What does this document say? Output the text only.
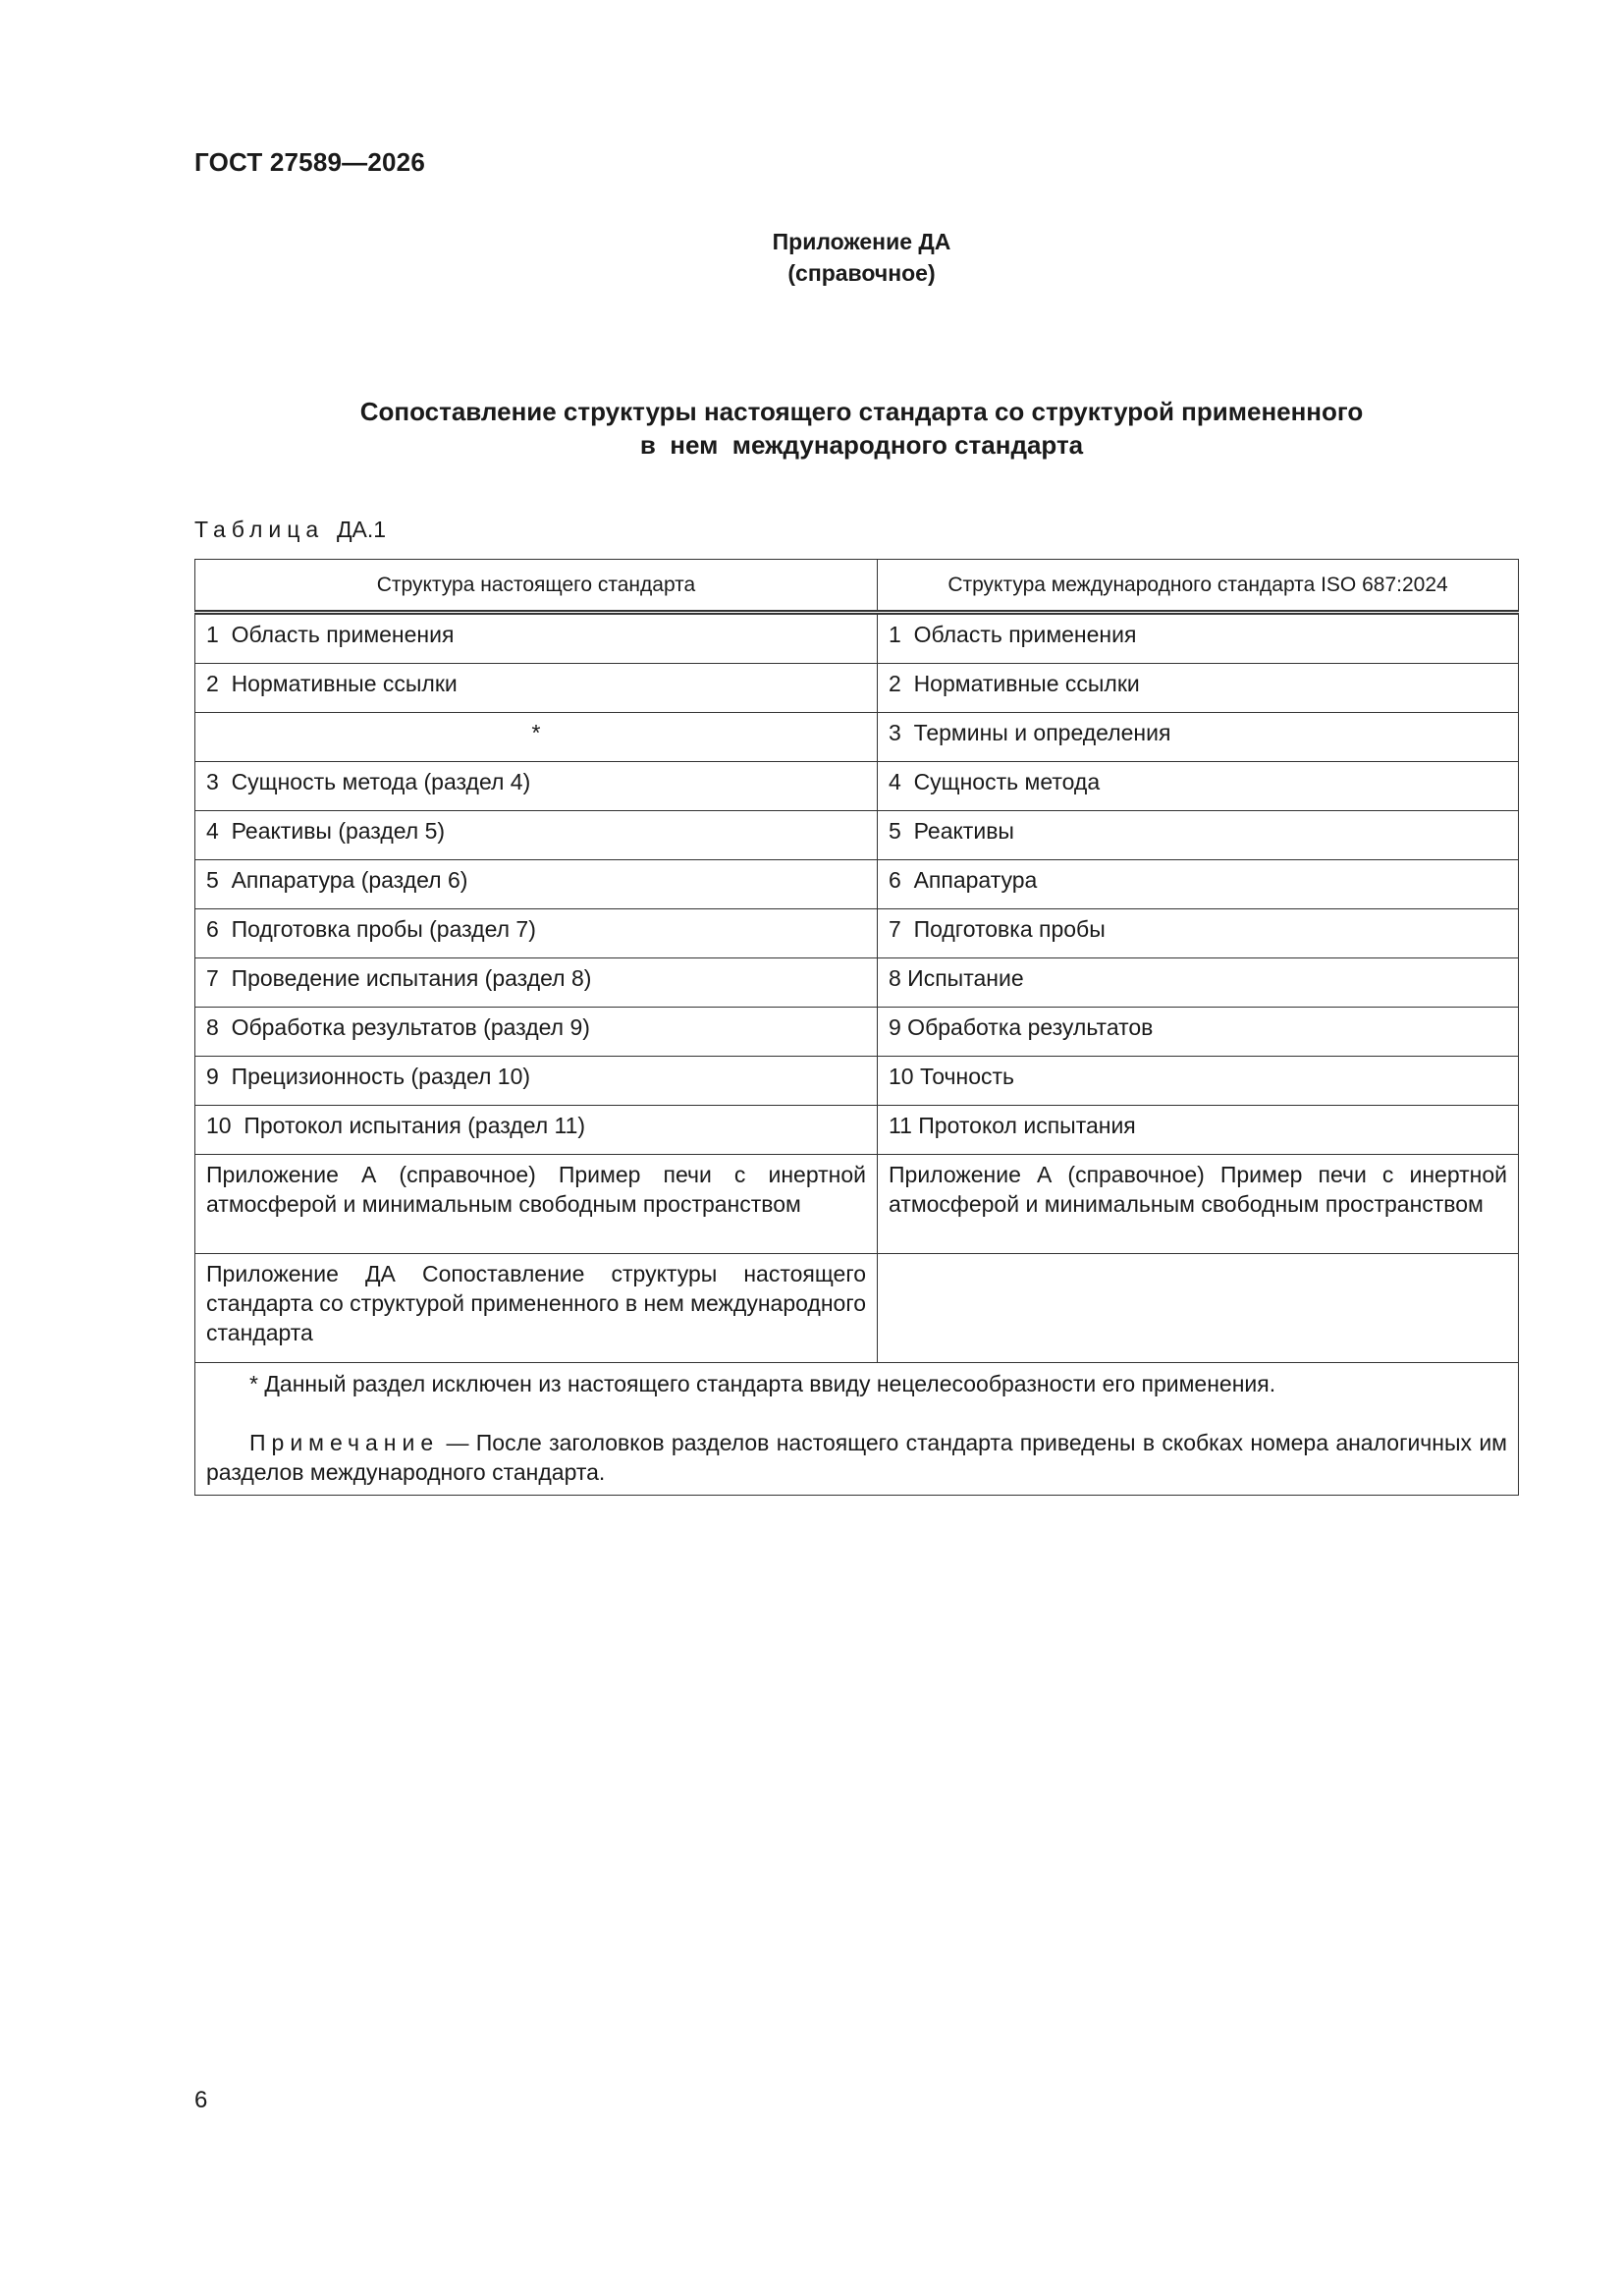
ГОСТ 27589—2026
Приложение ДА
(справочное)
Сопоставление структуры настоящего стандарта со структурой примененного
в  нем  международного стандарта
Таблица ДА.1
Структура настоящего стандарта	Структура международного стандарта ISO 687:2024
1  Область применения	1  Область применения
2  Нормативные ссылки	2  Нормативные ссылки
*	3  Термины и определения
3  Сущность метода (раздел 4)	4  Сущность метода
4  Реактивы (раздел 5)	5  Реактивы
5  Аппаратура (раздел 6)	6  Аппаратура
6  Подготовка пробы (раздел 7)	7  Подготовка пробы
7  Проведение испытания (раздел 8)	8 Испытание
8  Обработка результатов (раздел 9)	9 Обработка результатов
9  Прецизионность (раздел 10)	10 Точность
10  Протокол испытания (раздел 11)	11 Протокол испытания
Приложение А (справочное) Пример печи с инертной атмосферой и минимальным свободным пространством	Приложение А (справочное) Пример печи с инертной атмосферой и минимальным свободным пространством
Приложение ДА Сопоставление структуры настоящего стандарта со структурой примененного в нем международного стандарта	

* Данный раздел исключен из настоящего стандарта ввиду нецелесообразности его применения.
Примечание — После заголовков разделов настоящего стандарта приведены в скобках номера аналогичных им разделов международного стандарта.	
6
